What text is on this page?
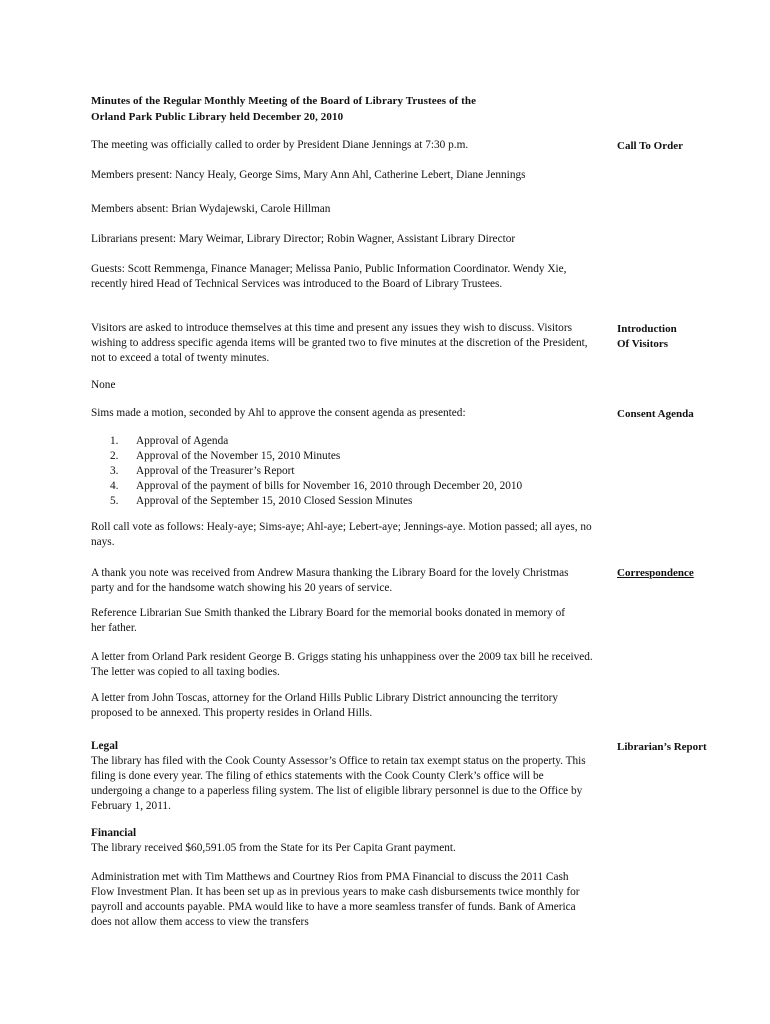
Minutes of the Regular Monthly Meeting of the Board of Library Trustees of the
Orland Park Public Library held December 20, 2010
The meeting was officially called to order by President Diane Jennings at 7:30 p.m.	Call To Order
Members present: Nancy Healy, George Sims, Mary Ann Ahl, Catherine Lebert, Diane Jennings
Members absent: Brian Wydajewski, Carole Hillman
Librarians present: Mary Weimar, Library Director; Robin Wagner, Assistant Library Director
Guests: Scott Remmenga, Finance Manager; Melissa Panio, Public Information Coordinator. Wendy Xie, recently hired Head of Technical Services was introduced to the Board of Library Trustees.
Visitors are asked to introduce themselves at this time and present any issues they wish to discuss. Visitors wishing to address specific agenda items will be granted two to five minutes at the discretion of the President, not to exceed a total of twenty minutes.
Introduction
Of Visitors
None
Sims made a motion, seconded by Ahl to approve the consent agenda as presented:	Consent Agenda
1.	Approval of Agenda
2.	Approval of the November 15, 2010 Minutes
3.	Approval of the Treasurer’s Report
4.	Approval of the payment of bills for November 16, 2010 through December 20, 2010
5.	Approval of the September 15, 2010 Closed Session Minutes
Roll call vote as follows: Healy-aye; Sims-aye; Ahl-aye; Lebert-aye; Jennings-aye. Motion passed; all ayes, no nays.
A thank you note was received from Andrew Masura thanking the Library Board for the lovely Christmas party and for the handsome watch showing his 20 years of service.
Correspondence
Reference Librarian Sue Smith thanked the Library Board for the memorial books donated in memory of her father.
A letter from Orland Park resident George B. Griggs stating his unhappiness over the 2009 tax bill he received. The letter was copied to all taxing bodies.
A letter from John Toscas, attorney for the Orland Hills Public Library District announcing the territory proposed to be annexed. This property resides in Orland Hills.
Legal
The library has filed with the Cook County Assessor’s Office to retain tax exempt status on the property. This filing is done every year. The filing of ethics statements with the Cook County Clerk’s office will be undergoing a change to a paperless filing system. The list of eligible library personnel is due to the Office by February 1, 2011.
Librarian’s Report
Financial
The library received $60,591.05 from the State for its Per Capita Grant payment.
Administration met with Tim Matthews and Courtney Rios from PMA Financial to discuss the 2011 Cash Flow Investment Plan. It has been set up as in previous years to make cash disbursements twice monthly for payroll and accounts payable. PMA would like to have a more seamless transfer of funds. Bank of America does not allow them access to view the transfers
